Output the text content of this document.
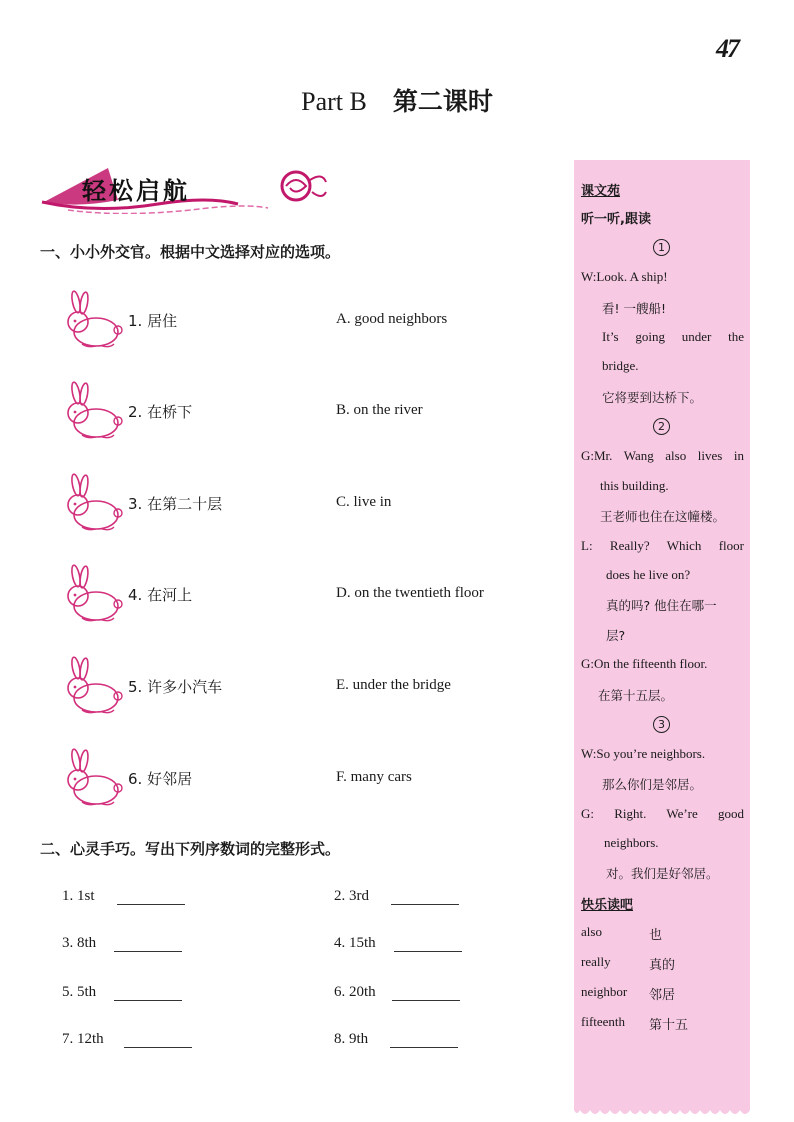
47
Part B 第二课时
轻松启航
一、小小外交官。根据中文选择对应的选项。
1. 居住	A. good neighbors
2. 在桥下	B. on the river
3. 在第二十层	C. live in
4. 在河上	D. on the twentieth floor
5. 许多小汽车	E. under the bridge
6. 好邻居	F. many cars
二、心灵手巧。写出下列序数词的完整形式。
1. 1st	2. 3rd
3. 8th	4. 15th
5. 5th	6. 20th
7. 12th	8. 9th
课文苑
听一听,跟读
1
W:Look. A ship!
看! 一艘船!
It’s going under the
bridge.
它将要到达桥下。
2
G:Mr. Wang also lives in
this building.
王老师也住在这幢楼。
L: Really? Which floor
does he live on?
真的吗? 他住在哪一
层?
G:On the fifteenth floor.
在第十五层。
3
W:So you’re neighbors.
那么你们是邻居。
G: Right. We’re good
neighbors.
对。我们是好邻居。
快乐读吧
also	也
really	真的
neighbor 邻居
fifteenth 第十五
